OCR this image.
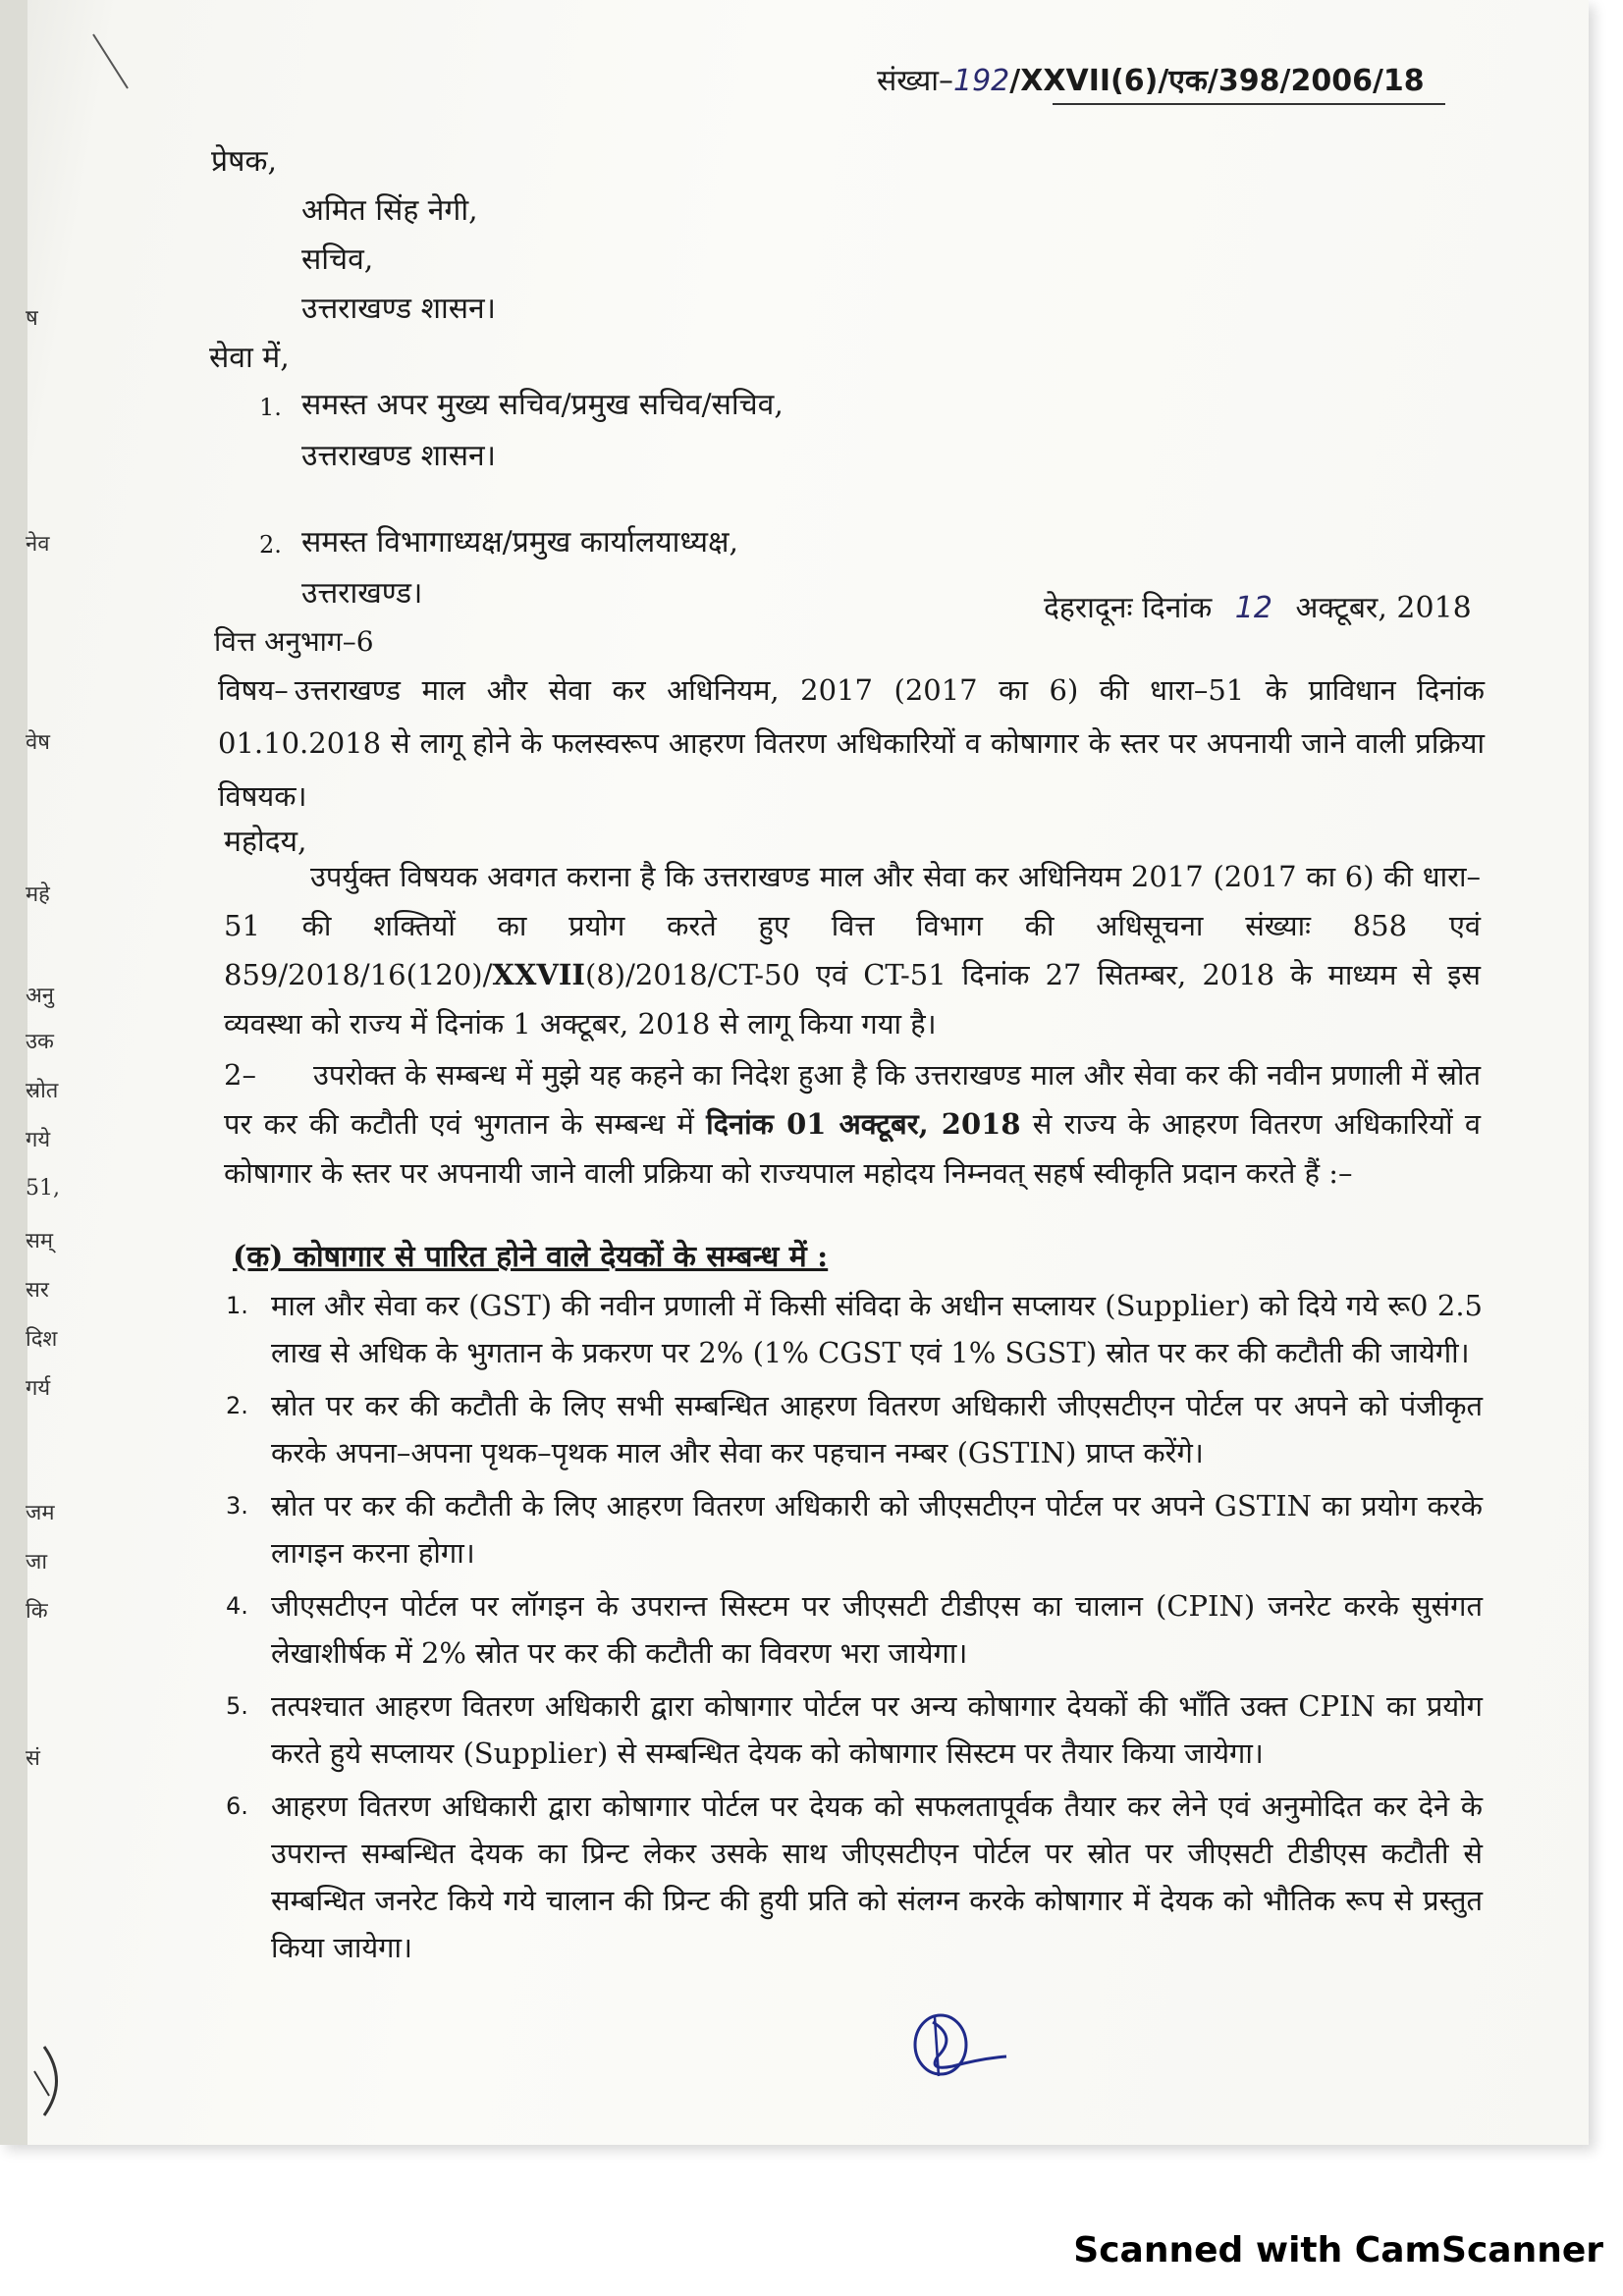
ष
नेव
वेष
महे
अनु
उक
स्रोत
गये
51,
सम्
सर
दिश
गर्य
जम
जा
कि
सं
संख्या–192/XXVII(6)/एक/398/2006/18
प्रेषक,
अमित सिंह नेगी,
सचिव,
उत्तराखण्ड शासन।
सेवा में,
1. समस्त अपर मुख्य सचिव/प्रमुख सचिव/सचिव,
उत्तराखण्ड शासन।
2. समस्त विभागाध्यक्ष/प्रमुख कार्यालयाध्यक्ष,
उत्तराखण्ड।
वित्त अनुभाग–6
देहरादूनः दिनांक 12 अक्टूबर, 2018
विषय– उत्तराखण्ड माल और सेवा कर अधिनियम, 2017 (2017 का 6) की धारा–51 के प्राविधान दिनांक 01.10.2018 से लागू होने के फलस्वरूप आहरण वितरण अधिकारियों व कोषागार के स्तर पर अपनायी जाने वाली प्रक्रिया विषयक।
महोदय,
उपर्युक्त विषयक अवगत कराना है कि उत्तराखण्ड माल और सेवा कर अधिनियम 2017 (2017 का 6) की धारा–51 की शक्तियों का प्रयोग करते हुए वित्त विभाग की अधिसूचना संख्याः 858 एवं 859/2018/16(120)/XXVII(8)/2018/CT-50 एवं CT-51 दिनांक 27 सितम्बर, 2018 के माध्यम से इस व्यवस्था को राज्य में दिनांक 1 अक्टूबर, 2018 से लागू किया गया है।
2– उपरोक्त के सम्बन्ध में मुझे यह कहने का निदेश हुआ है कि उत्तराखण्ड माल और सेवा कर की नवीन प्रणाली में स्रोत पर कर की कटौती एवं भुगतान के सम्बन्ध में दिनांक 01 अक्टूबर, 2018 से राज्य के आहरण वितरण अधिकारियों व कोषागार के स्तर पर अपनायी जाने वाली प्रक्रिया को राज्यपाल महोदय निम्नवत् सहर्ष स्वीकृति प्रदान करते हैं :–
(क) कोषागार से पारित होने वाले देयकों के सम्बन्ध में :
1. माल और सेवा कर (GST) की नवीन प्रणाली में किसी संविदा के अधीन सप्लायर (Supplier) को दिये गये रू0 2.5 लाख से अधिक के भुगतान के प्रकरण पर 2% (1% CGST एवं 1% SGST) स्रोत पर कर की कटौती की जायेगी।
2. स्रोत पर कर की कटौती के लिए सभी सम्बन्धित आहरण वितरण अधिकारी जीएसटीएन पोर्टल पर अपने को पंजीकृत करके अपना–अपना पृथक–पृथक माल और सेवा कर पहचान नम्बर (GSTIN) प्राप्त करेंगे।
3. स्रोत पर कर की कटौती के लिए आहरण वितरण अधिकारी को जीएसटीएन पोर्टल पर अपने GSTIN का प्रयोग करके लागइन करना होगा।
4. जीएसटीएन पोर्टल पर लॉगइन के उपरान्त सिस्टम पर जीएसटी टीडीएस का चालान (CPIN) जनरेट करके सुसंगत लेखाशीर्षक में 2% स्रोत पर कर की कटौती का विवरण भरा जायेगा।
5. तत्पश्चात आहरण वितरण अधिकारी द्वारा कोषागार पोर्टल पर अन्य कोषागार देयकों की भाँति उक्त CPIN का प्रयोग करते हुये सप्लायर (Supplier) से सम्बन्धित देयक को कोषागार सिस्टम पर तैयार किया जायेगा।
6. आहरण वितरण अधिकारी द्वारा कोषागार पोर्टल पर देयक को सफलतापूर्वक तैयार कर लेने एवं अनुमोदित कर देने के उपरान्त सम्बन्धित देयक का प्रिन्ट लेकर उसके साथ जीएसटीएन पोर्टल पर स्रोत पर जीएसटी टीडीएस कटौती से सम्बन्धित जनरेट किये गये चालान की प्रिन्ट की हुयी प्रति को संलग्न करके कोषागार में देयक को भौतिक रूप से प्रस्तुत किया जायेगा।
Scanned with CamScanner
